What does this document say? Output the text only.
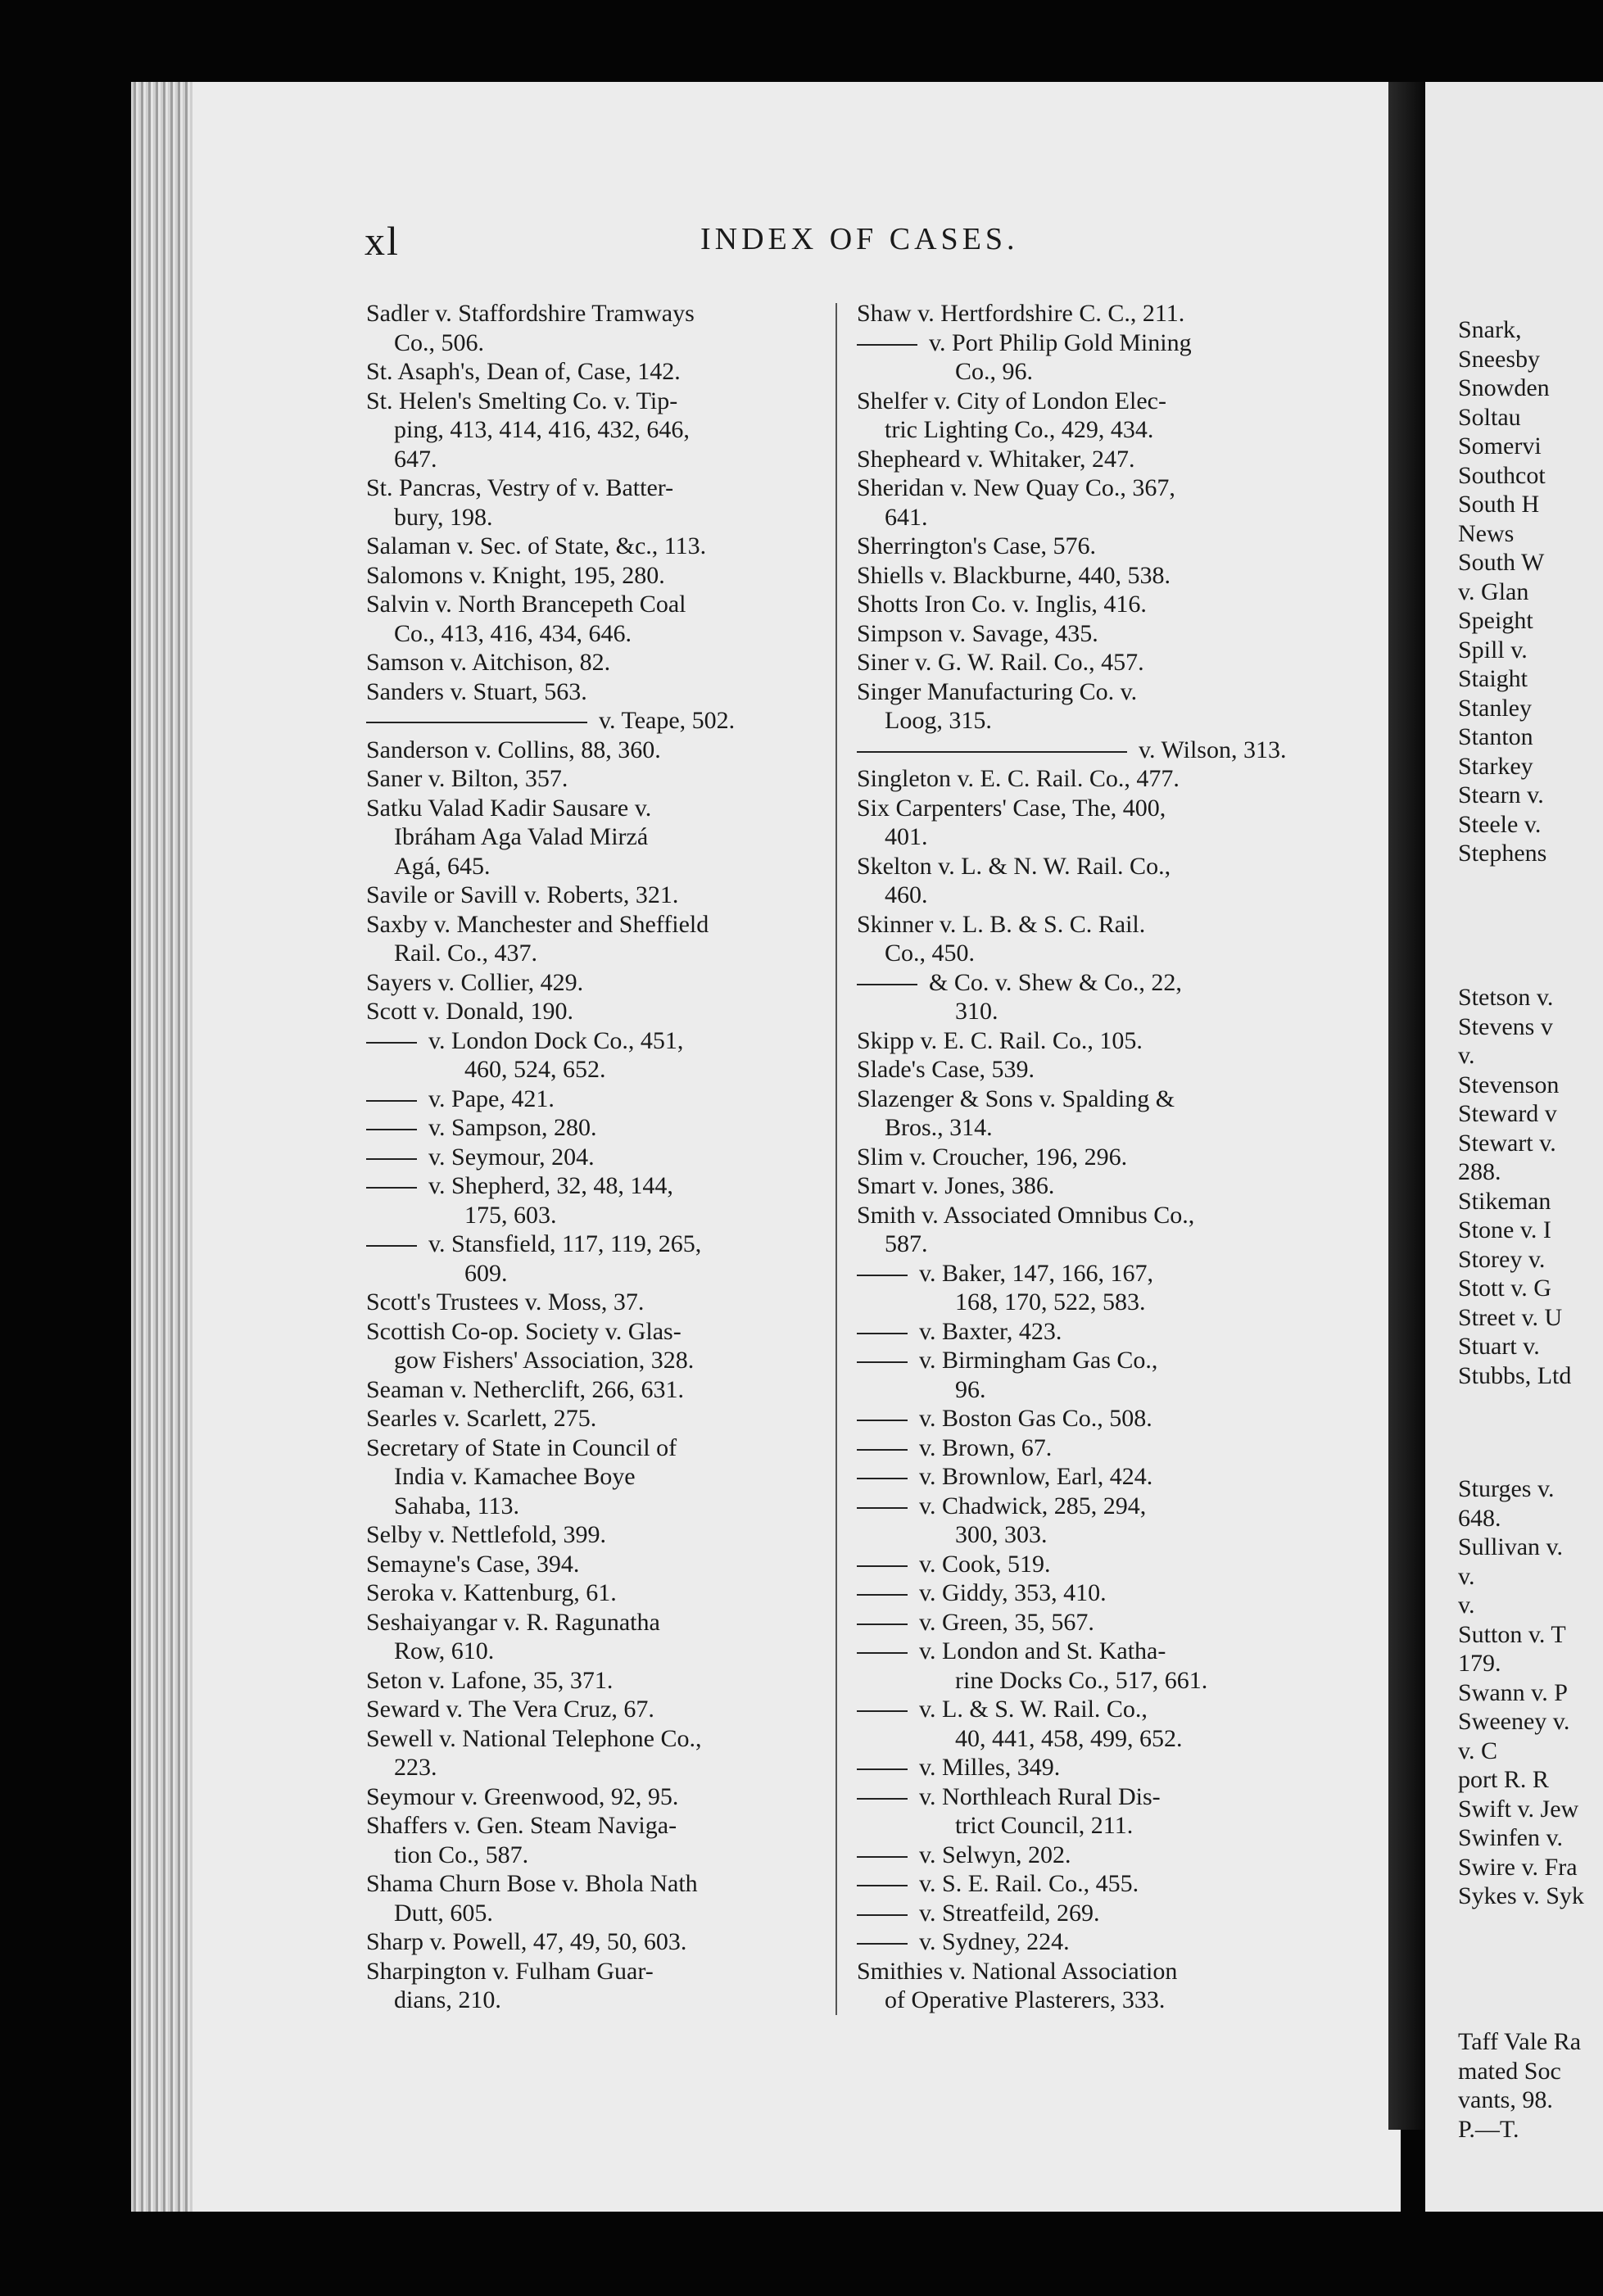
Snark,
Sneesby
Snowden
Soltau
Somervi
Southcot
South H
News
South W
v. Glan
Speight
Spill v.
Staight
Stanley
Stanton
Starkey
Stearn v.
Steele v.
Stephens
Stetson v.
Stevens v
v.
Stevenson
Steward v
Stewart v.
288.
Stikeman
Stone v. I
Storey v.
Stott v. G
Street v. U
Stuart v.
Stubbs, Ltd
Sturges v.
648.
Sullivan v.
v.
v.
Sutton v. T
179.
Swann v. P
Sweeney v.
v. C
port R. R
Swift v. Jew
Swinfen v.
Swire v. Fra
Sykes v. Syk
Taff Vale Ra
mated Soc
vants, 98.
P.—T.
xl	INDEX OF CASES.
Sadler v. Staffordshire Tramways
Co., 506.
St. Asaph's, Dean of, Case, 142.
St. Helen's Smelting Co. v. Tip-
ping, 413, 414, 416, 432, 646,
647.
St. Pancras, Vestry of v. Batter-
bury, 198.
Salaman v. Sec. of State, &c., 113.
Salomons v. Knight, 195, 280.
Salvin v. North Brancepeth Coal
Co., 413, 416, 434, 646.
Samson v. Aitchison, 82.
Sanders v. Stuart, 563.
v. Teape, 502.
Sanderson v. Collins, 88, 360.
Saner v. Bilton, 357.
Satku Valad Kadir Sausare v.
Ibráham Aga Valad Mirzá
Agá, 645.
Savile or Savill v. Roberts, 321.
Saxby v. Manchester and Sheffield
Rail. Co., 437.
Sayers v. Collier, 429.
Scott v. Donald, 190.
v. London Dock Co., 451,

460, 524, 652.
v. Pape, 421.
v. Sampson, 280.
v. Seymour, 204.
v. Shepherd, 32, 48, 144,

175, 603.
v. Stansfield, 117, 119, 265,

609.
Scott's Trustees v. Moss, 37.
Scottish Co-op. Society v. Glas-
gow Fishers' Association, 328.
Seaman v. Netherclift, 266, 631.
Searles v. Scarlett, 275.
Secretary of State in Council of
India v. Kamachee Boye
Sahaba, 113.
Selby v. Nettlefold, 399.
Semayne's Case, 394.
Seroka v. Kattenburg, 61.
Seshaiyangar v. R. Ragunatha
Row, 610.
Seton v. Lafone, 35, 371.
Seward v. The Vera Cruz, 67.
Sewell v. National Telephone Co.,
223.
Seymour v. Greenwood, 92, 95.
Shaffers v. Gen. Steam Naviga-
tion Co., 587.
Shama Churn Bose v. Bhola Nath
Dutt, 605.
Sharp v. Powell, 47, 49, 50, 603.
Sharpington v. Fulham Guar-
dians, 210.
Shaw v. Hertfordshire C. C., 211.
v. Port Philip Gold Mining

Co., 96.
Shelfer v. City of London Elec-
tric Lighting Co., 429, 434.
Shepheard v. Whitaker, 247.
Sheridan v. New Quay Co., 367,
641.
Sherrington's Case, 576.
Shiells v. Blackburne, 440, 538.
Shotts Iron Co. v. Inglis, 416.
Simpson v. Savage, 435.
Siner v. G. W. Rail. Co., 457.
Singer Manufacturing Co. v.
Loog, 315.
v. Wilson, 313.
Singleton v. E. C. Rail. Co., 477.
Six Carpenters' Case, The, 400,
401.
Skelton v. L. & N. W. Rail. Co.,
460.
Skinner v. L. B. & S. C. Rail.
Co., 450.
& Co. v. Shew & Co., 22,

310.
Skipp v. E. C. Rail. Co., 105.
Slade's Case, 539.
Slazenger & Sons v. Spalding &
Bros., 314.
Slim v. Croucher, 196, 296.
Smart v. Jones, 386.
Smith v. Associated Omnibus Co.,
587.
v. Baker, 147, 166, 167,

168, 170, 522, 583.
v. Baxter, 423.
v. Birmingham Gas Co.,

96.
v. Boston Gas Co., 508.
v. Brown, 67.
v. Brownlow, Earl, 424.
v. Chadwick, 285, 294,

300, 303.
v. Cook, 519.
v. Giddy, 353, 410.
v. Green, 35, 567.
v. London and St. Katha-

rine Docks Co., 517, 661.
v. L. & S. W. Rail. Co.,

40, 441, 458, 499, 652.
v. Milles, 349.
v. Northleach Rural Dis-

trict Council, 211.
v. Selwyn, 202.
v. S. E. Rail. Co., 455.
v. Streatfeild, 269.
v. Sydney, 224.
Smithies v. National Association
of Operative Plasterers, 333.
